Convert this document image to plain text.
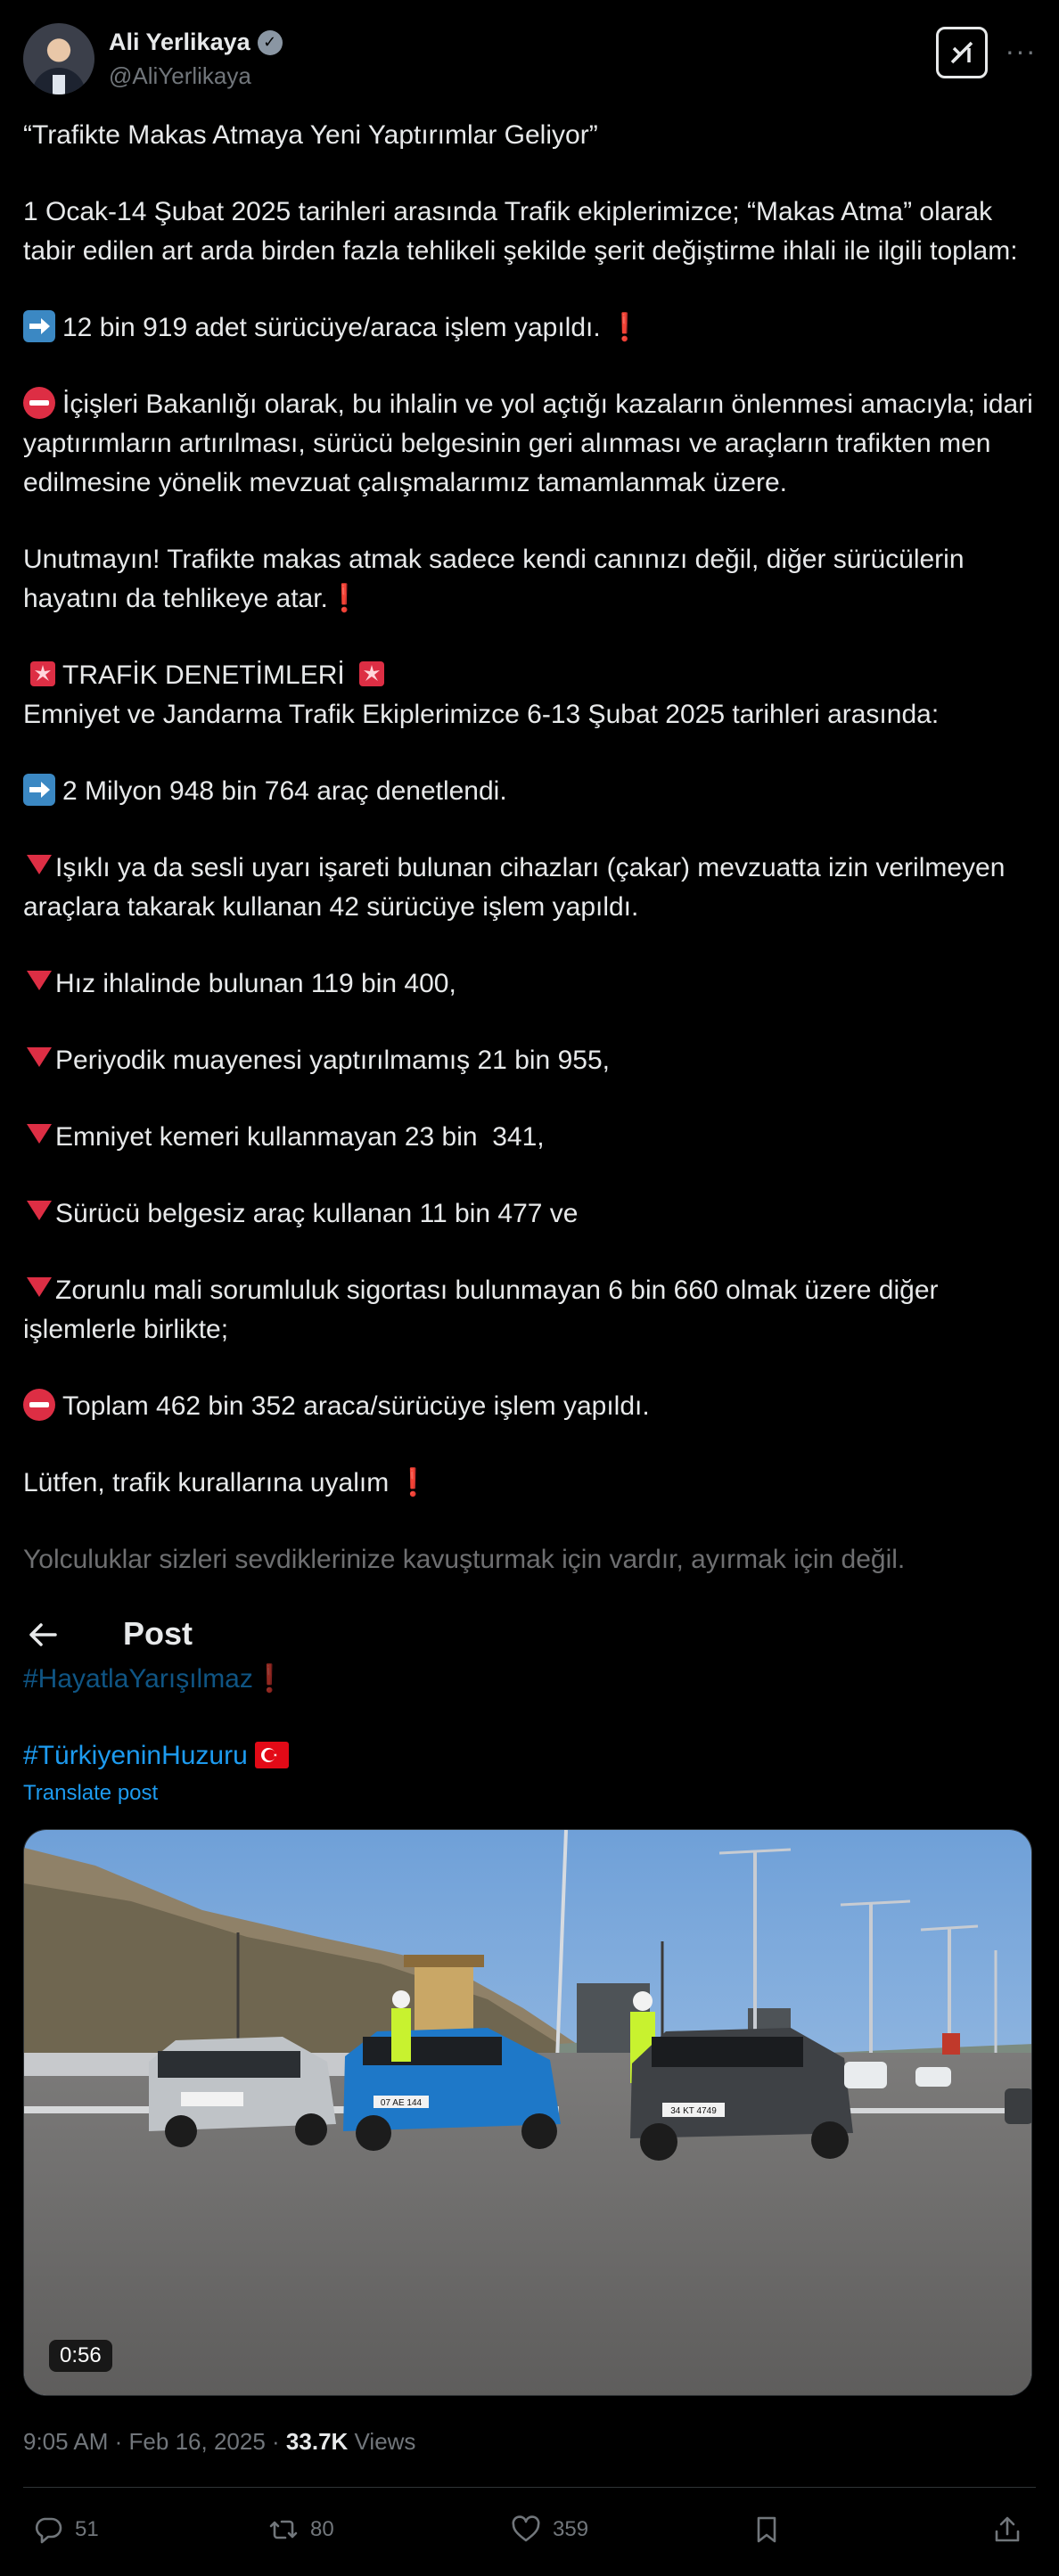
Ali Yerlikaya ✓
@AliYerlikaya
···

“Trafikte Makas Atmaya Yeni Yaptırımlar Geliyor”

1 Ocak-14 Şubat 2025 tarihleri arasında Trafik ekiplerimizce; “Makas Atma” olarak tabir edilen art arda birden fazla tehlikeli şekilde şerit değiştirme ihlali ile ilgili toplam:

12 bin 919 adet sürücüye/araca işlem yapıldı. ❗

İçişleri Bakanlığı olarak, bu ihlalin ve yol açtığı kazaların önlenmesi amacıyla; idari yaptırımların artırılması, sürücü belgesinin geri alınması ve araçların trafikten men edilmesine yönelik mevzuat çalışmalarımız tamamlanmak üzere.

Unutmayın! Trafikte makas atmak sadece kendi canınızı değil, diğer sürücülerin hayatını da tehlikeye atar.❗

TRAFİK DENETİMLERİ

Emniyet ve Jandarma Trafik Ekiplerimizce 6-13 Şubat 2025 tarihleri arasında:

2 Milyon 948 bin 764 araç denetlendi.

Işıklı ya da sesli uyarı işareti bulunan cihazları (çakar) mevzuatta izin verilmeyen araçlara takarak kullanan 42 sürücüye işlem yapıldı.

Hız ihlalinde bulunan 119 bin 400,

Periyodik muayenesi yaptırılmamış 21 bin 955,

Emniyet kemeri kullanmayan 23 bin  341,

Sürücü belgesiz araç kullanan 11 bin 477 ve

Zorunlu mali sorumluluk sigortası bulunmayan 6 bin 660 olmak üzere diğer işlemlerle birlikte;

Toplam 462 bin 352 araca/sürücüye işlem yapıldı.

Lütfen, trafik kurallarına uyalım ❗

Yolculuklar sizleri sevdiklerinize kavuşturmak için vardır, ayırmak için değil.

Post

#HayatlaYarışılmaz❗

#TürkiyeninHuzuru

Translate post
07 AE 144
34 KT 4749
0:56
9:05 AM · Feb 16, 2025 · 33.7K Views
51	80	359
